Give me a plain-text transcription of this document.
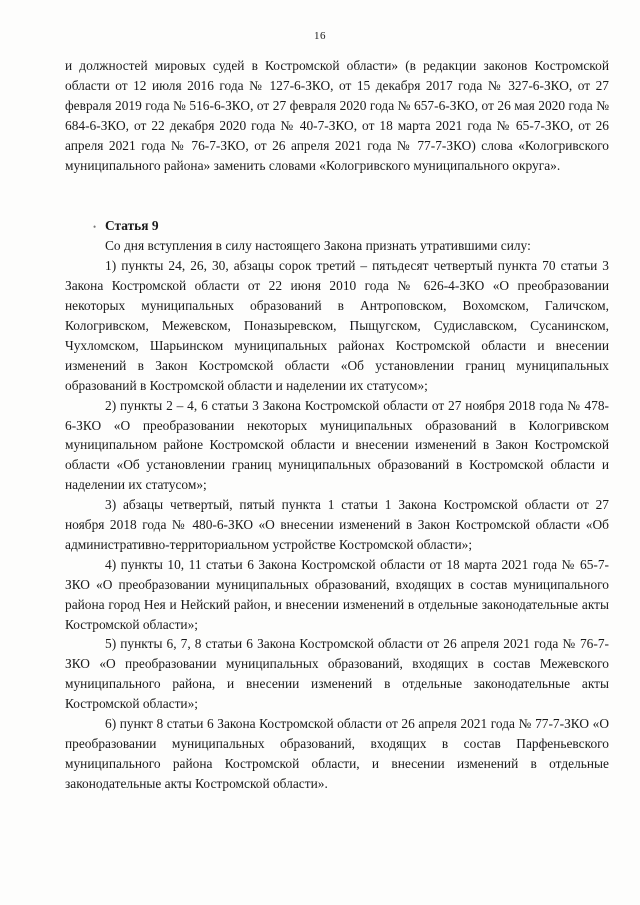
16

и должностей мировых судей в Костромской области» (в редакции законов Костромской области от 12 июля 2016 года № 127-6-ЗКО, от 15 декабря 2017 года № 327-6-ЗКО, от 27 февраля 2019 года № 516-6-ЗКО, от 27 февраля 2020 года № 657-6-ЗКО, от 26 мая 2020 года № 684-6-ЗКО, от 22 декабря 2020 года № 40-7-ЗКО, от 18 марта 2021 года № 65-7-ЗКО, от 26 апреля 2021 года № 76-7-ЗКО, от 26 апреля 2021 года № 77-7-ЗКО) слова «Кологривского муниципального района» заменить словами «Кологривского муниципального округа».

• Статья 9

Со дня вступления в силу настоящего Закона признать утратившими силу:

1) пункты 24, 26, 30, абзацы сорок третий – пятьдесят четвертый пункта 70 статьи 3 Закона Костромской области от 22 июня 2010 года № 626-4-ЗКО «О преобразовании некоторых муниципальных образований в Антроповском, Вохомском, Галичском, Кологривском, Межевском, Поназыревском, Пыщугском, Судиславском, Сусанинском, Чухломском, Шарьинском муниципальных районах Костромской области и внесении изменений в Закон Костромской области «Об установлении границ муниципальных образований в Костромской области и наделении их статусом»;

2) пункты 2 – 4, 6 статьи 3 Закона Костромской области от 27 ноября 2018 года № 478-6-ЗКО «О преобразовании некоторых муниципальных образований в Кологривском муниципальном районе Костромской области и внесении изменений в Закон Костромской области «Об установлении границ муниципальных образований в Костромской области и наделении их статусом»;

3) абзацы четвертый, пятый пункта 1 статьи 1 Закона Костромской области от 27 ноября 2018 года № 480-6-ЗКО «О внесении изменений в Закон Костромской области «Об административно-территориальном устройстве Костромской области»;

4) пункты 10, 11 статьи 6 Закона Костромской области от 18 марта 2021 года № 65-7-ЗКО «О преобразовании муниципальных образований, входящих в состав муниципального района город Нея и Нейский район, и внесении изменений в отдельные законодательные акты Костромской области»;

5) пункты 6, 7, 8 статьи 6 Закона Костромской области от 26 апреля 2021 года № 76-7-ЗКО «О преобразовании муниципальных образований, входящих в состав Межевского муниципального района, и внесении изменений в отдельные законодательные акты Костромской области»;

6) пункт 8 статьи 6 Закона Костромской области от 26 апреля 2021 года № 77-7-ЗКО «О преобразовании муниципальных образований, входящих в состав Парфеньевского муниципального района Костромской области, и внесении изменений в отдельные законодательные акты Костромской области».
